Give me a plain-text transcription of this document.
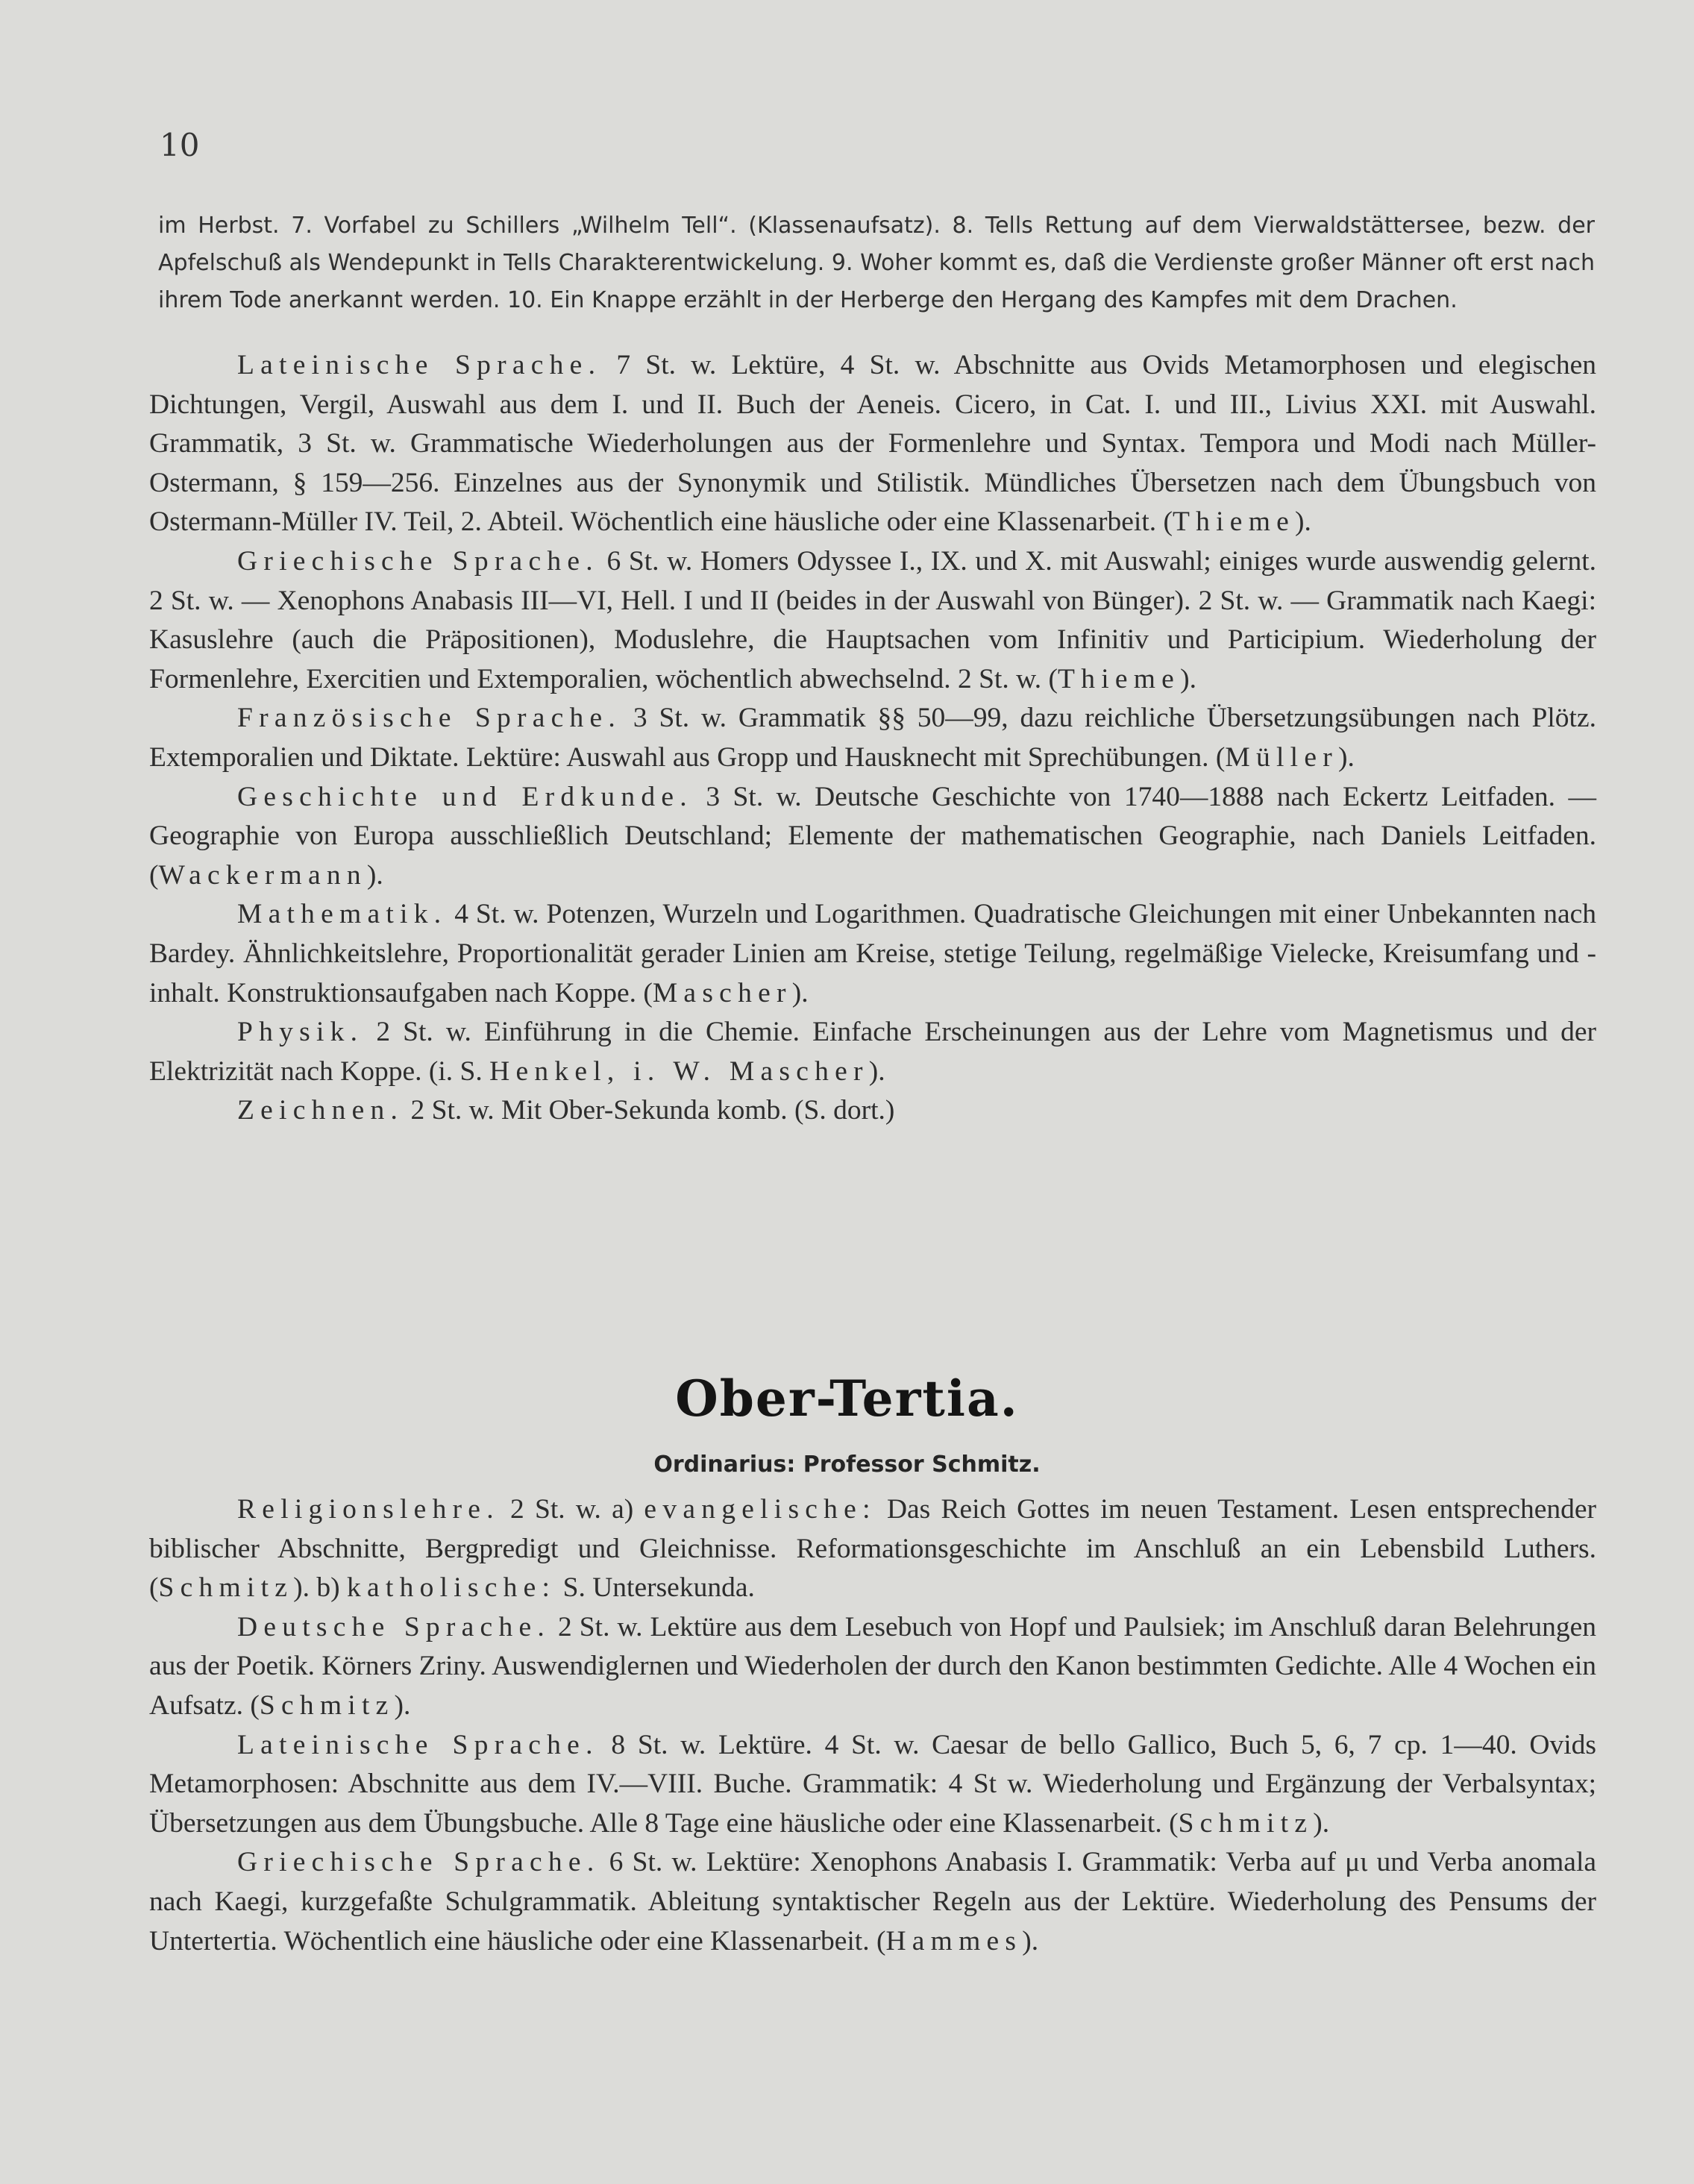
10
im Herbst. 7. Vorfabel zu Schillers „Wilhelm Tell“. (Klassenaufsatz). 8. Tells Rettung auf dem Vierwaldstättersee, bezw. der Apfelschuß als Wendepunkt in Tells Charakterentwickelung. 9. Woher kommt es, daß die Verdienste großer Männer oft erst nach ihrem Tode anerkannt werden. 10. Ein Knappe erzählt in der Herberge den Hergang des Kampfes mit dem Drachen.

Lateinische Sprache. 7 St. w. Lektüre, 4 St. w. Abschnitte aus Ovids Metamorphosen und elegischen Dichtungen, Vergil, Auswahl aus dem I. und II. Buch der Aeneis. Cicero, in Cat. I. und III., Livius XXI. mit Auswahl. Grammatik, 3 St. w. Grammatische Wiederholungen aus der Formenlehre und Syntax. Tempora und Modi nach Müller-Ostermann, § 159—256. Einzelnes aus der Synonymik und Stilistik. Mündliches Übersetzen nach dem Übungsbuch von Ostermann-Müller IV. Teil, 2. Abteil. Wöchentlich eine häusliche oder eine Klassenarbeit. (Thieme).

Griechische Sprache. 6 St. w. Homers Odyssee I., IX. und X. mit Auswahl; einiges wurde auswendig gelernt. 2 St. w. — Xenophons Anabasis III—VI, Hell. I und II (beides in der Auswahl von Bünger). 2 St. w. — Grammatik nach Kaegi: Kasuslehre (auch die Präpositionen), Moduslehre, die Hauptsachen vom Infinitiv und Participium. Wiederholung der Formenlehre, Exercitien und Extemporalien, wöchentlich abwechselnd. 2 St. w. (Thieme).

Französische Sprache. 3 St. w. Grammatik §§ 50—99, dazu reichliche Übersetzungsübungen nach Plötz. Extemporalien und Diktate. Lektüre: Auswahl aus Gropp und Hausknecht mit Sprechübungen. (Müller).

Geschichte und Erdkunde. 3 St. w. Deutsche Geschichte von 1740—1888 nach Eckertz Leitfaden. — Geographie von Europa ausschließlich Deutschland; Elemente der mathematischen Geographie, nach Daniels Leitfaden. (Wackermann).

Mathematik. 4 St. w. Potenzen, Wurzeln und Logarithmen. Quadratische Gleichungen mit einer Unbekannten nach Bardey. Ähnlichkeitslehre, Proportionalität gerader Linien am Kreise, stetige Teilung, regelmäßige Vielecke, Kreisumfang und -inhalt. Konstruktionsaufgaben nach Koppe. (Mascher).

Physik. 2 St. w. Einführung in die Chemie. Einfache Erscheinungen aus der Lehre vom Magnetismus und der Elektrizität nach Koppe. (i. S. Henkel, i. W. Mascher).

Zeichnen. 2 St. w. Mit Ober-Sekunda komb. (S. dort.)

Ober-Tertia.
Ordinarius: Professor Schmitz.

Religionslehre. 2 St. w. a) evangelische: Das Reich Gottes im neuen Testament. Lesen entsprechender biblischer Abschnitte, Bergpredigt und Gleichnisse. Reformationsgeschichte im Anschluß an ein Lebensbild Luthers. (Schmitz). b) katholische: S. Untersekunda.

Deutsche Sprache. 2 St. w. Lektüre aus dem Lesebuch von Hopf und Paulsiek; im Anschluß daran Belehrungen aus der Poetik. Körners Zriny. Auswendiglernen und Wiederholen der durch den Kanon bestimmten Gedichte. Alle 4 Wochen ein Aufsatz. (Schmitz).

Lateinische Sprache. 8 St. w. Lektüre. 4 St. w. Caesar de bello Gallico, Buch 5, 6, 7 cp. 1—40. Ovids Metamorphosen: Abschnitte aus dem IV.—VIII. Buche. Grammatik: 4 St w. Wiederholung und Ergänzung der Verbalsyntax; Übersetzungen aus dem Übungsbuche. Alle 8 Tage eine häusliche oder eine Klassenarbeit. (Schmitz).

Griechische Sprache. 6 St. w. Lektüre: Xenophons Anabasis I. Grammatik: Verba auf μι und Verba anomala nach Kaegi, kurzgefaßte Schulgrammatik. Ableitung syntaktischer Regeln aus der Lektüre. Wiederholung des Pensums der Untertertia. Wöchentlich eine häusliche oder eine Klassenarbeit. (Hammes).
